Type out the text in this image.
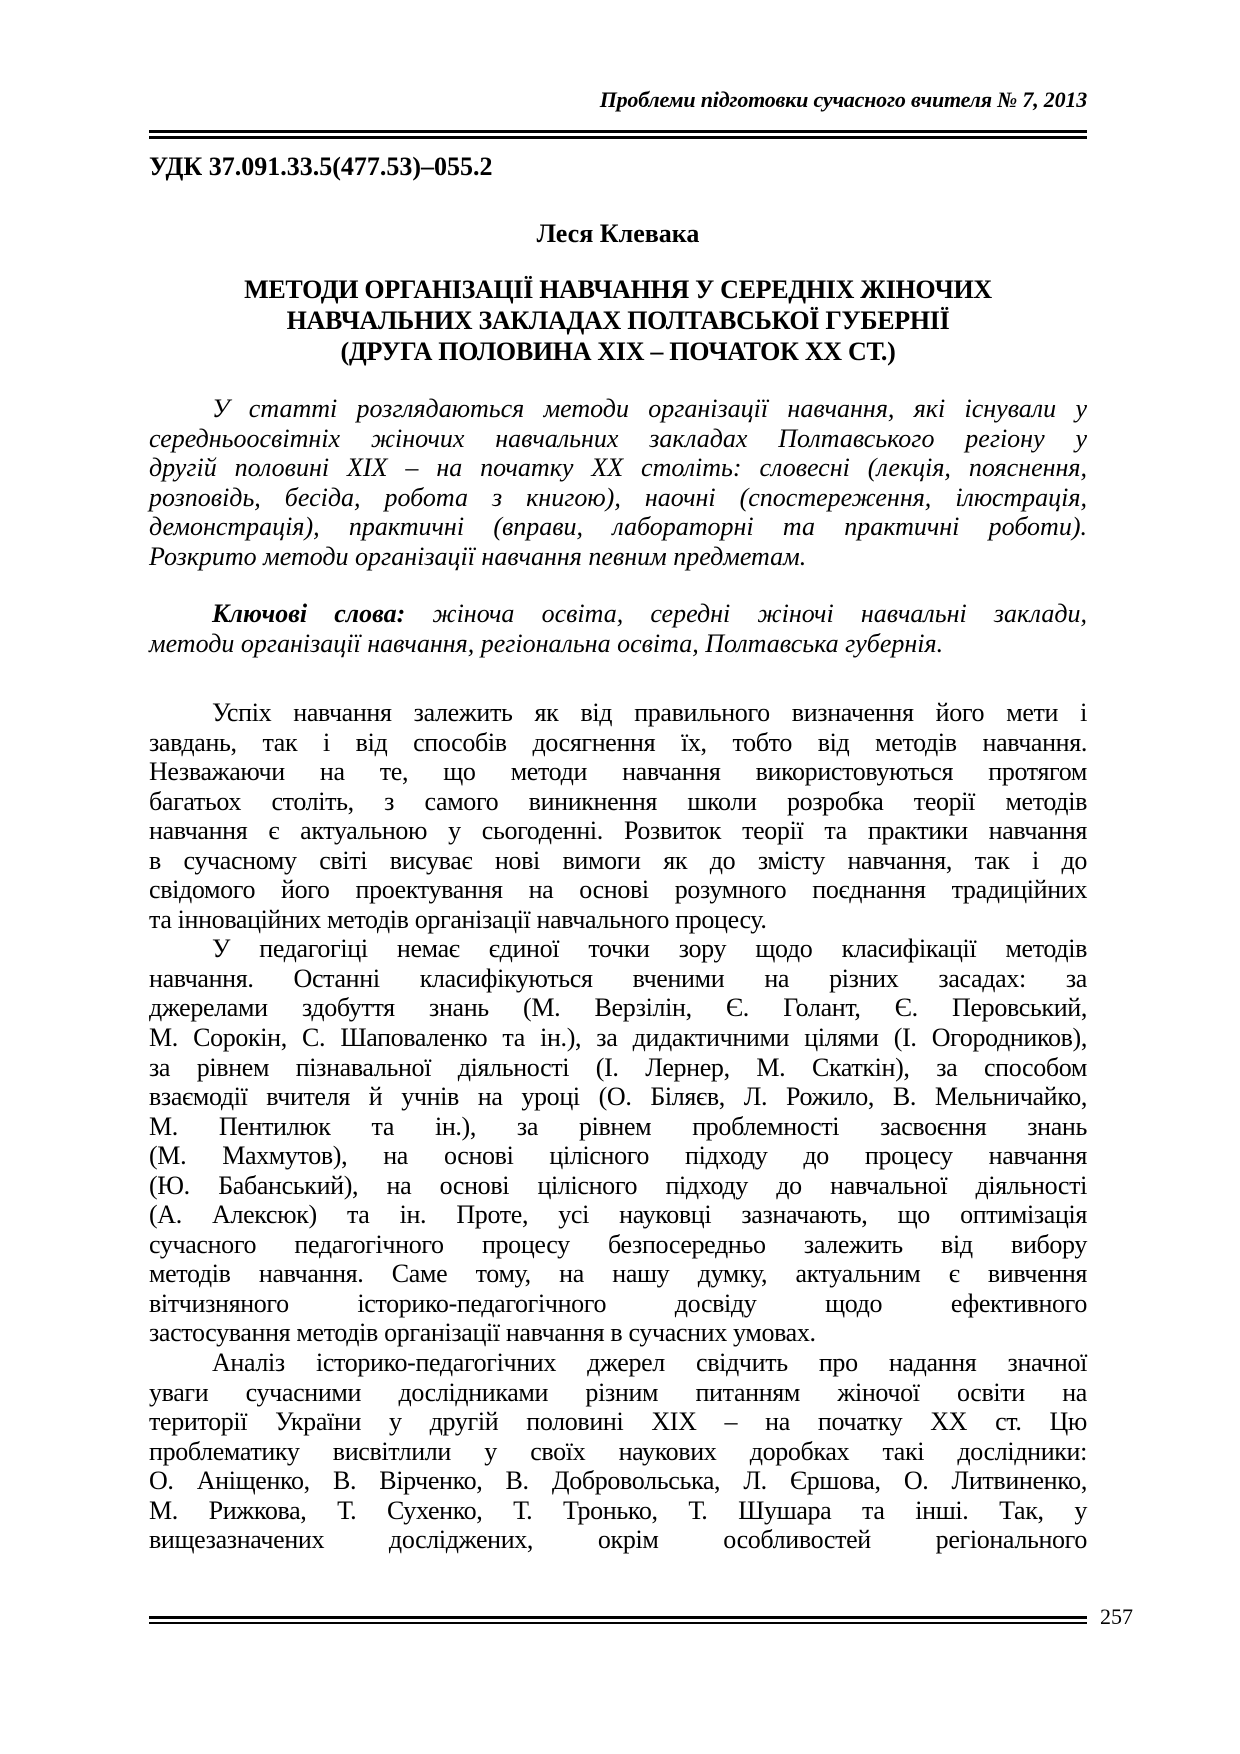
Проблеми підготовки сучасного вчителя № 7, 2013
УДК 37.091.33.5(477.53)–055.2
Леся Клевака
МЕТОДИ ОРГАНІЗАЦІЇ НАВЧАННЯ У СЕРЕДНІХ ЖІНОЧИХ
НАВЧАЛЬНИХ ЗАКЛАДАХ ПОЛТАВСЬКОЇ ГУБЕРНІЇ
(ДРУГА ПОЛОВИНА ХІХ – ПОЧАТОК ХХ СТ.)
У статті розглядаються методи організації навчання, які існували у
середньоосвітніх жіночих навчальних закладах Полтавського регіону у
другій половині ХІХ – на початку ХХ століть: словесні (лекція, пояснення,
розповідь, бесіда, робота з книгою), наочні (спостереження, ілюстрація,
демонстрація), практичні (вправи, лабораторні та практичні роботи).
Розкрито методи організації навчання певним предметам.
Ключові слова: жіноча освіта, середні жіночі навчальні заклади,
методи організації навчання, регіональна освіта, Полтавська губернія.
Успіх навчання залежить як від правильного визначення його мети і
завдань, так і від способів досягнення їх, тобто від методів навчання.
Незважаючи на те, що методи навчання використовуються протягом
багатьох століть, з самого виникнення школи розробка теорії методів
навчання є актуальною у сьогоденні. Розвиток теорії та практики навчання
в сучасному світі висуває нові вимоги як до змісту навчання, так і до
свідомого його проектування на основі розумного поєднання традиційних
та інноваційних методів організації навчального процесу.
У педагогіці немає єдиної точки зору щодо класифікації методів
навчання. Останні класифікуються вченими на різних засадах: за
джерелами здобуття знань (М. Верзілін, Є. Голант, Є. Перовський,
М. Сорокін, С. Шаповаленко та ін.), за дидактичними цілями (І. Огородников),
за рівнем пізнавальної діяльності (І. Лернер, М. Скаткін), за способом
взаємодії вчителя й учнів на уроці (О. Біляєв, Л. Рожило, В. Мельничайко,
М. Пентилюк та ін.), за рівнем проблемності засвоєння знань
(М. Махмутов), на основі цілісного підходу до процесу навчання
(Ю. Бабанський), на основі цілісного підходу до навчальної діяльності
(А. Алексюк) та ін. Проте, усі науковці зазначають, що оптимізація
сучасного педагогічного процесу безпосередньо залежить від вибору
методів навчання. Саме тому, на нашу думку, актуальним є вивчення
вітчизняного історико-педагогічного досвіду щодо ефективного
застосування методів організації навчання в сучасних умовах.
Аналіз історико-педагогічних джерел свідчить про надання значної
уваги сучасними дослідниками різним питанням жіночої освіти на
території України у другій половині ХІХ – на початку ХХ ст. Цю
проблематику висвітлили у своїх наукових доробках такі дослідники:
О. Аніщенко, В. Вірченко, В. Добровольська, Л. Єршова, О. Литвиненко,
М. Рижкова, Т. Сухенко, Т. Тронько, Т. Шушара та інші. Так, у
вищезазначених досліджених, окрім особливостей регіонального
257
